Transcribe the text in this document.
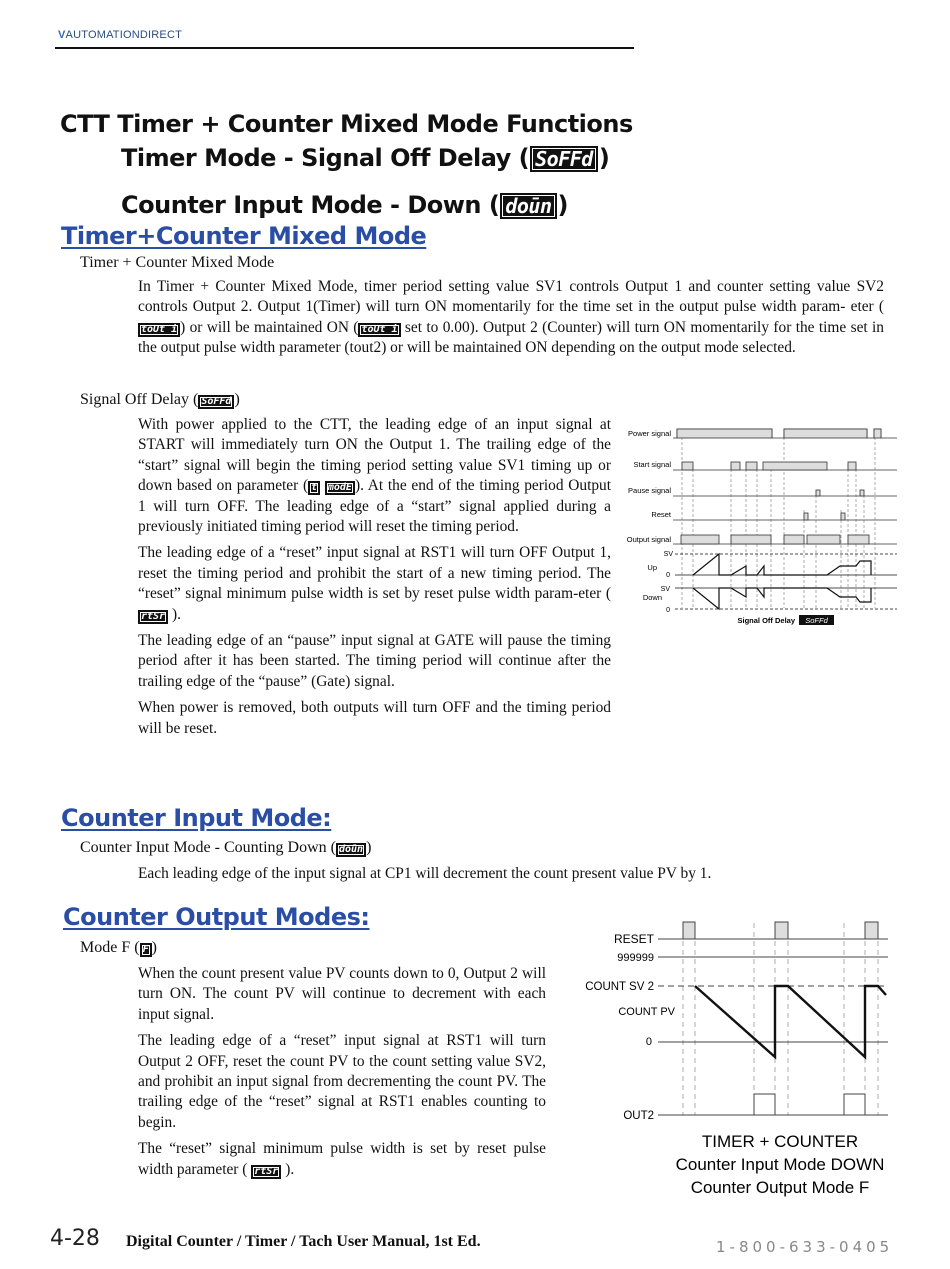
VAUTOMATIONDIRECT
CTT Timer + Counter Mixed Mode Functions
Timer Mode - Signal Off Delay ( SoFFd )
Counter Input Mode - Down ( doūn )
Timer+Counter Mixed Mode
Timer + Counter Mixed Mode

In Timer + Counter Mixed Mode, timer period setting value SV1 controls Output 1 and counter setting value SV2 controls Output 2. Output 1(Timer) will turn ON momentarily for the time set in the output pulse width param- eter (toUt i ) or will be maintained ON ( toUt i set to 0.00). Output 2 (Counter) will turn ON momentarily for the time set in the output pulse width parameter (tout2) or will be maintained ON depending on the output mode selected.

Signal Off Delay ( SoFFd )

With power applied to the CTT, the leading edge of an input signal at START will immediately turn ON the Output 1. The trailing edge of the “start” signal will begin the timing period setting value SV1 timing up or down based on parameter ( t modE ). At the end of the timing period Output 1 will turn OFF. The leading edge of a “start” signal applied during a previously initiated timing period will reset the timing period.

The leading edge of a “reset” input signal at RST1 will turn OFF Output 1, reset the timing period and prohibit the start of a new timing period. The “reset” signal minimum pulse width is set by reset pulse width param-eter ( rtSr ).

The leading edge of an “pause” input signal at GATE will pause the timing period after it has been started. The timing period will continue after the trailing edge of the “pause” (Gate) signal.

When power is removed, both outputs will turn OFF and the timing period will be reset.

Power signal
Start signal
Pause signal
Reset
Output signal
SV
Up
0
SV
Down
0
Signal Off Delay SoFFd
Counter Input Mode:
Counter Input Mode - Counting Down ( doūn )
Each leading edge of the input signal at CP1 will decrement the count present value PV by 1.
Counter Output Modes:
Mode F ( F )

When the count present value PV counts down to 0, Output 2 will turn ON. The count PV will continue to decrement with each input signal.

The leading edge of a “reset” input signal at RST1 will turn Output 2 OFF, reset the count PV to the count setting value SV2, and prohibit an input signal from decrementing the count PV. The trailing edge of the “reset” signal at RST1 enables counting to begin.

The “reset” signal minimum pulse width is set by reset pulse width parameter ( rtSr ).

RESET
999999
COUNT SV 2
COUNT PV
0
OUT2
TIMER + COUNTER
Counter Input Mode DOWN
Counter Output Mode F
4-28 Digital Counter / Timer / Tach User Manual, 1st Ed.	1-800-633-0405
